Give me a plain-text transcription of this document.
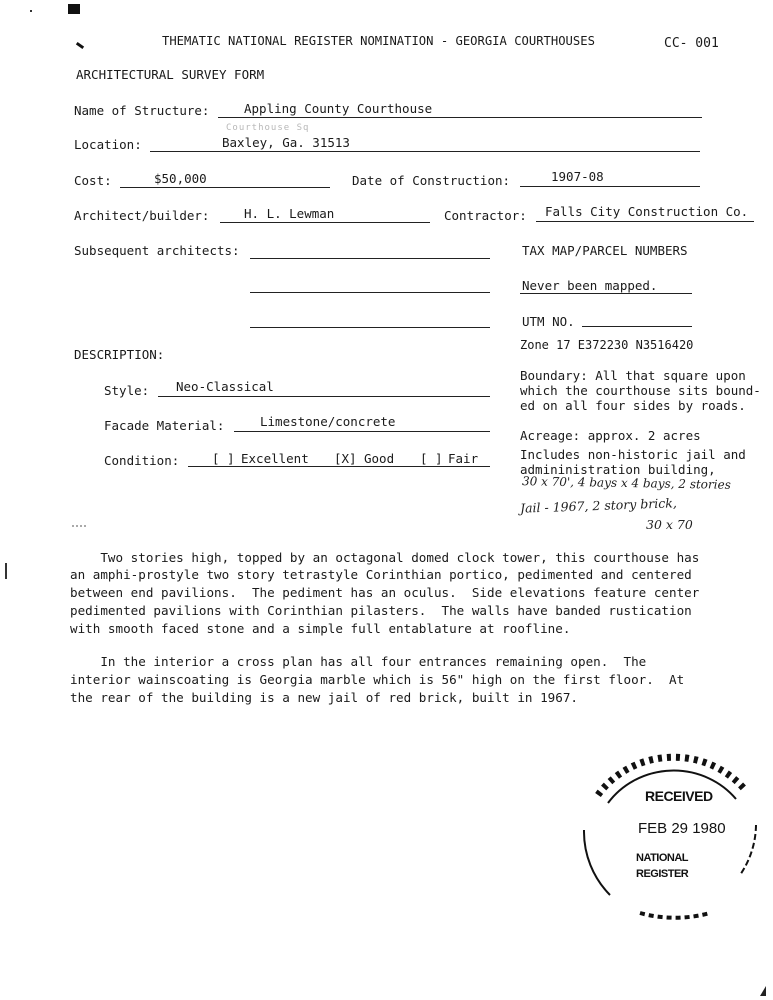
THEMATIC NATIONAL REGISTER NOMINATION - GEORGIA COURTHOUSES	CC- 001
ARCHITECTURAL SURVEY FORM
Name of Structure:	Appling County Courthouse
Courthouse Sq
Location:	Baxley, Ga. 31513
Cost:	$50,000	Date of Construction:	1907-08
Architect/builder:	H. L. Lewman	Contractor: Falls City Construction Co.
Subsequent architects:	TAX MAP/PARCEL NUMBERS
Never been mapped.
UTM NO.
Zone 17 E372230 N3516420
Boundary: All that square upon
which the courthouse sits bound-
ed on all four sides by roads.
Acreage: approx. 2 acres
Includes non-historic jail and
admininistration building,
30 x 70', 4 bays x 4 bays, 2 stories
Jail - 1967, 2 story brick,
30 x 70
DESCRIPTION:
Style: Neo-Classical
Facade Material:	Limestone/concrete
Condition:	[ ] Excellent [X] Good [ ] Fair
Two stories high, topped by an octagonal domed clock tower, this courthouse has
an amphi-prostyle two story tetrastyle Corinthian portico, pedimented and centered
between end pavilions.  The pediment has an oculus.  Side elevations feature center
pedimented pavilions with Corinthian pilasters.  The walls have banded rustication
with smooth faced stone and a simple full entablature at roofline.
In the interior a cross plan has all four entrances remaining open.  The
interior wainscoating is Georgia marble which is 56" high on the first floor.  At
the rear of the building is a new jail of red brick, built in 1967.
RECEIVED
FEB 29 1980
NATIONAL
REGISTER
